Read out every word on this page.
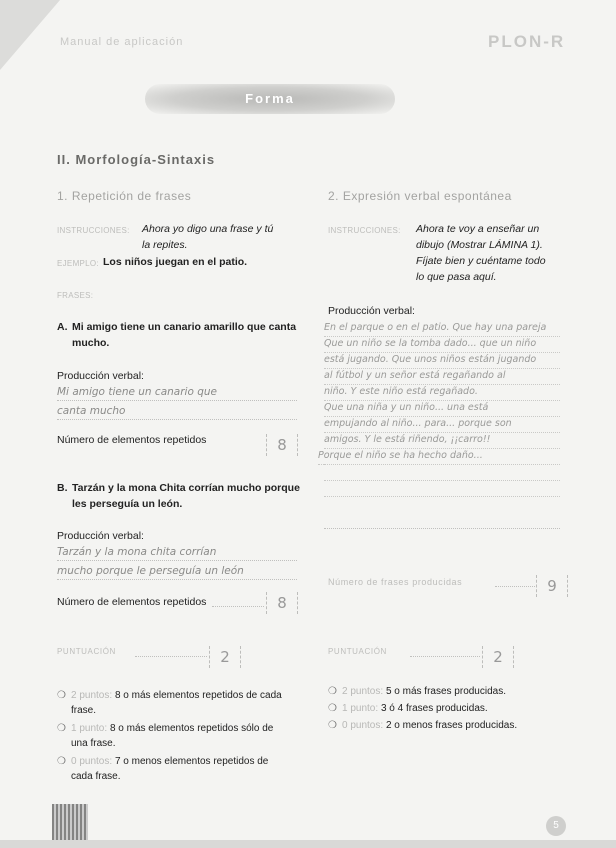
Manual de aplicación	PLON-R
Forma
II. Morfología-Sintaxis
1. Repetición de frases
INSTRUCCIONES:	Ahora yo digo una frase y tú
la repites.
EJEMPLO: Los niños juegan en el patio.
FRASES:
A. Mi amigo tiene un canario amarillo que canta
mucho.
Producción verbal:
Mi amigo tiene un canario que
canta mucho
Número de elementos repetidos	8
B. Tarzán y la mona Chita corrían mucho porque
les perseguía un león.
Producción verbal:
Tarzán y la mona chita corrían
mucho porque le perseguía un león
Número de elementos repetidos	8
PUNTUACIÓN	2
❍ 2 puntos: 8 o más elementos repetidos de cada
frase.
❍ 1 punto: 8 o más elementos repetidos sólo de
una frase.
❍ 0 puntos: 7 o menos elementos repetidos de
cada frase.
2. Expresión verbal espontánea
INSTRUCCIONES:	Ahora te voy a enseñar un
dibujo (Mostrar LÁMINA 1).
Fíjate bien y cuéntame todo
lo que pasa aquí.
Producción verbal:
En el parque o en el patio. Que hay una pareja
Que un niño se la tomba dado... que un niño
está jugando. Que unos niños están jugando
al fútbol y un señor está regañando al
niño. Y este niño está regañado.
Que una niña y un niño... una está
empujando al niño... para... porque son
amigos. Y le está riñendo, ¡¡carro!!
Porque el niño se ha hecho daño...
Número de frases producidas	9
PUNTUACIÓN	2
❍ 2 puntos: 5 o más frases producidas.
❍ 1 punto: 3 ó 4 frases producidas.
❍ 0 puntos: 2 o menos frases producidas.
5
